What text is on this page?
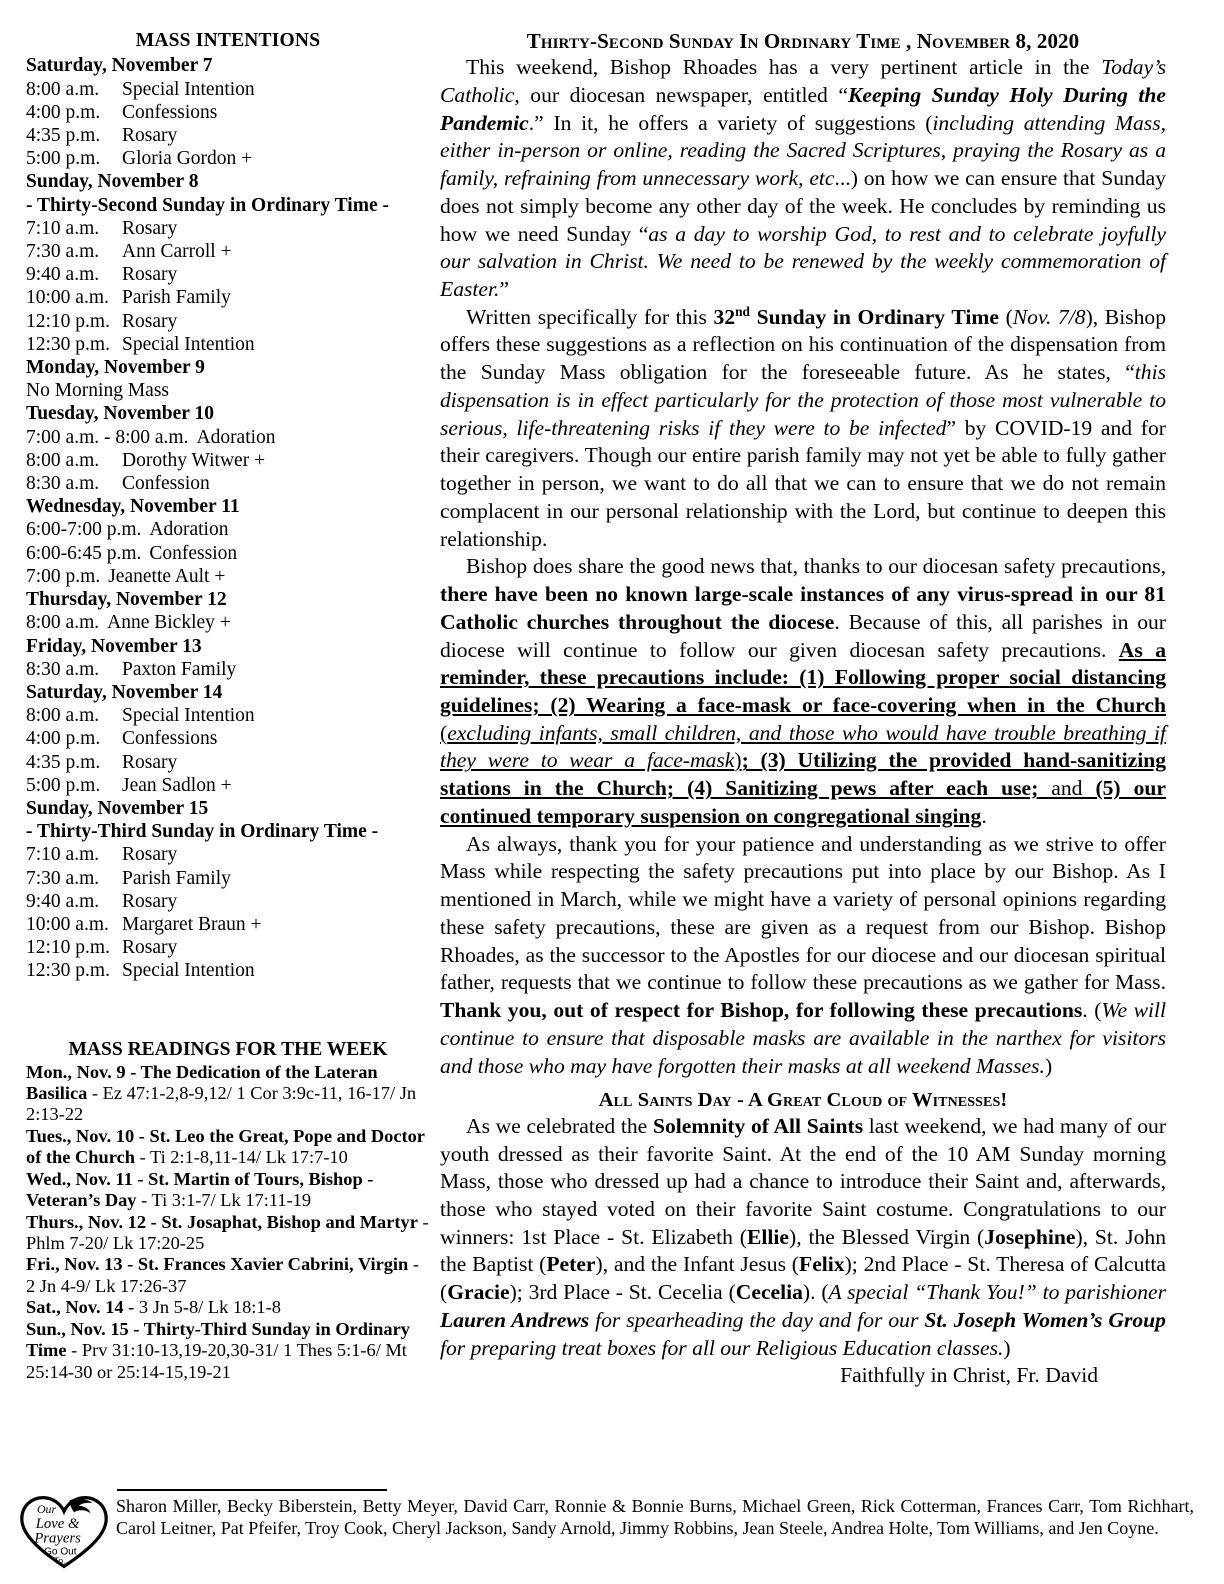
MASS INTENTIONS
Saturday, November 7
8:00 a.m. Special Intention
4:00 p.m. Confessions
4:35 p.m. Rosary
5:00 p.m. Gloria Gordon +
Sunday, November 8
- Thirty-Second Sunday in Ordinary Time -
7:10 a.m. Rosary
7:30 a.m. Ann Carroll +
9:40 a.m. Rosary
10:00 a.m. Parish Family
12:10 p.m. Rosary
12:30 p.m. Special Intention
Monday, November 9
No Morning Mass
Tuesday, November 10
7:00 a.m. - 8:00 a.m. Adoration
8:00 a.m. Dorothy Witwer +
8:30 a.m. Confession
Wednesday, November 11
6:00-7:00 p.m. Adoration
6:00-6:45 p.m. Confession
7:00 p.m. Jeanette Ault +
Thursday, November 12
8:00 a.m. Anne Bickley +
Friday, November 13
8:30 a.m. Paxton Family
Saturday, November 14
8:00 a.m. Special Intention
4:00 p.m. Confessions
4:35 p.m. Rosary
5:00 p.m. Jean Sadlon +
Sunday, November 15
- Thirty-Third Sunday in Ordinary Time -
7:10 a.m. Rosary
7:30 a.m. Parish Family
9:40 a.m. Rosary
10:00 a.m. Margaret Braun +
12:10 p.m. Rosary
12:30 p.m. Special Intention
MASS READINGS FOR THE WEEK
Mon., Nov. 9 - The Dedication of the Lateran Basilica - Ez 47:1-2,8-9,12/ 1 Cor 3:9c-11, 16-17/ Jn 2:13-22
Tues., Nov. 10 - St. Leo the Great, Pope and Doctor of the Church - Ti 2:1-8,11-14/ Lk 17:7-10
Wed., Nov. 11 - St. Martin of Tours, Bishop - Veteran’s Day - Ti 3:1-7/ Lk 17:11-19
Thurs., Nov. 12 - St. Josaphat, Bishop and Martyr - Phlm 7-20/ Lk 17:20-25
Fri., Nov. 13 - St. Frances Xavier Cabrini, Virgin - 2 Jn 4-9/ Lk 17:26-37
Sat., Nov. 14 - 3 Jn 5-8/ Lk 18:1-8
Sun., Nov. 15 - Thirty-Third Sunday in Ordinary Time - Prv 31:10-13,19-20,30-31/ 1 Thes 5:1-6/ Mt 25:14-30 or 25:14-15,19-21
Thirty-Second Sunday In Ordinary Time , November 8, 2020

This weekend, Bishop Rhoades has a very pertinent article in the Today’s Catholic, our diocesan newspaper, entitled “Keeping Sunday Holy During the Pandemic.” In it, he offers a variety of suggestions (including attending Mass, either in-person or online, reading the Sacred Scriptures, praying the Rosary as a family, refraining from unnecessary work, etc...) on how we can ensure that Sunday does not simply become any other day of the week. He concludes by reminding us how we need Sunday “as a day to worship God, to rest and to celebrate joyfully our salvation in Christ. We need to be renewed by the weekly commemoration of Easter.”

Written specifically for this 32nd Sunday in Ordinary Time (Nov. 7/8), Bishop offers these suggestions as a reflection on his continuation of the dispensation from the Sunday Mass obligation for the foreseeable future. As he states, “this dispensation is in effect particularly for the protection of those most vulnerable to serious, life-threatening risks if they were to be infected” by COVID-19 and for their caregivers. Though our entire parish family may not yet be able to fully gather together in person, we want to do all that we can to ensure that we do not remain complacent in our personal relationship with the Lord, but continue to deepen this relationship.

Bishop does share the good news that, thanks to our diocesan safety precautions, there have been no known large-scale instances of any virus-spread in our 81 Catholic churches throughout the diocese. Because of this, all parishes in our diocese will continue to follow our given diocesan safety precautions. As a reminder, these precautions include: (1) Following proper social distancing guidelines; (2) Wearing a face-mask or face-covering when in the Church (excluding infants, small children, and those who would have trouble breathing if they were to wear a face-mask); (3) Utilizing the provided hand-sanitizing stations in the Church; (4) Sanitizing pews after each use; and (5) our continued temporary suspension on congregational singing.

As always, thank you for your patience and understanding as we strive to offer Mass while respecting the safety precautions put into place by our Bishop. As I mentioned in March, while we might have a variety of personal opinions regarding these safety precautions, these are given as a request from our Bishop. Bishop Rhoades, as the successor to the Apostles for our diocese and our diocesan spiritual father, requests that we continue to follow these precautions as we gather for Mass. Thank you, out of respect for Bishop, for following these precautions. (We will continue to ensure that disposable masks are available in the narthex for visitors and those who may have forgotten their masks at all weekend Masses.)

All Saints Day - A Great Cloud of Witnesses!

As we celebrated the Solemnity of All Saints last weekend, we had many of our youth dressed as their favorite Saint. At the end of the 10 AM Sunday morning Mass, those who dressed up had a chance to introduce their Saint and, afterwards, those who stayed voted on their favorite Saint costume. Congratulations to our winners: 1st Place - St. Elizabeth (Ellie), the Blessed Virgin (Josephine), St. John the Baptist (Peter), and the Infant Jesus (Felix); 2nd Place - St. Theresa of Calcutta (Gracie); 3rd Place - St. Cecelia (Cecelia). (A special “Thank You!” to parishioner Lauren Andrews for spearheading the day and for our St. Joseph Women’s Group for preparing treat boxes for all our Religious Education classes.)

Faithfully in Christ, Fr. David

Our
Love &
Prayers
Go Out
To...

Sharon Miller, Becky Biberstein, Betty Meyer, David Carr, Ronnie & Bonnie Burns, Michael Green, Rick Cotterman, Frances Carr, Tom Richhart, Carol Leitner, Pat Pfeifer, Troy Cook, Cheryl Jackson, Sandy Arnold, Jimmy Robbins, Jean Steele, Andrea Holte, Tom Williams, and Jen Coyne.
